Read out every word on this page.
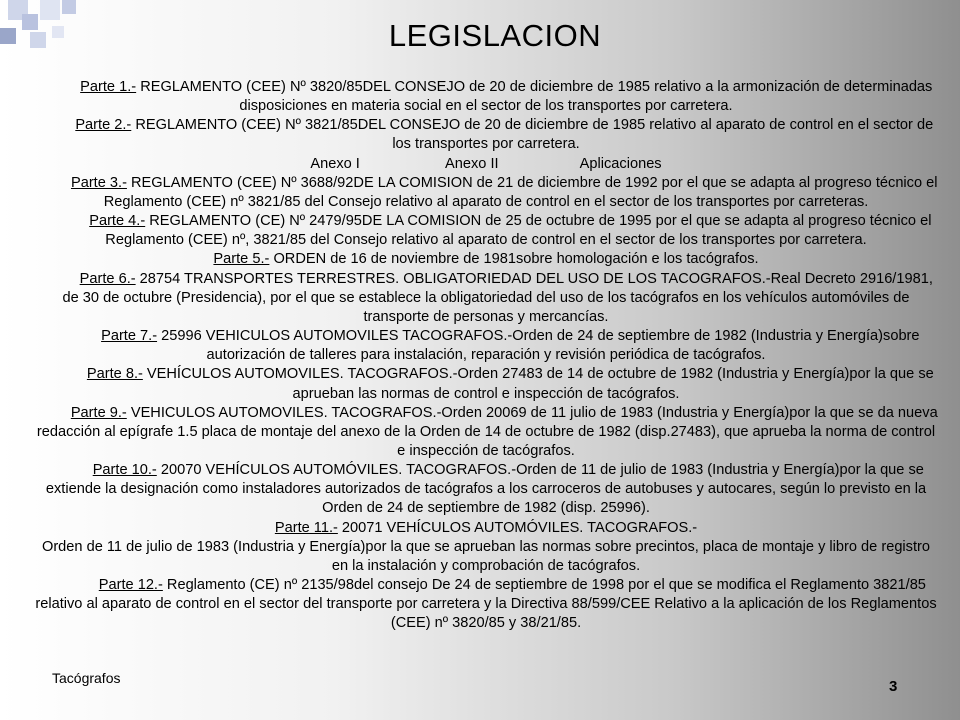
LEGISLACION

Parte 1.- REGLAMENTO (CEE) Nº 3820/85DEL CONSEJO de 20 de diciembre de 1985 relativo a la armonización de determinadas disposiciones en materia social en el sector de los transportes por carretera.

Parte 2.- REGLAMENTO (CEE) Nº 3821/85DEL CONSEJO de 20 de diciembre de 1985 relativo al aparato de control en el sector de los transportes por carretera.

Anexo I	Anexo II	Aplicaciones

Parte 3.- REGLAMENTO (CEE) Nº 3688/92DE LA COMISION de 21 de diciembre de 1992 por el que se adapta al progreso técnico el Reglamento (CEE) nº 3821/85 del Consejo relativo al aparato de control en el sector de los transportes por carreteras.

Parte 4.- REGLAMENTO (CE) Nº 2479/95DE LA COMISION de 25 de octubre de 1995 por el que se adapta al progreso técnico el Reglamento (CEE) nº, 3821/85 del Consejo relativo al aparato de control en el sector de los transportes por carretera.

Parte 5.- ORDEN de 16 de noviembre de 1981sobre homologación e los tacógrafos.

Parte 6.- 28754 TRANSPORTES TERRESTRES. OBLIGATORIEDAD DEL USO DE LOS TACOGRAFOS.-Real Decreto 2916/1981, de 30 de octubre (Presidencia), por el que se establece la obligatoriedad del uso de los tacógrafos en los vehículos automóviles de transporte de personas y mercancías.

Parte 7.- 25996 VEHICULOS AUTOMOVILES TACOGRAFOS.-Orden de 24 de septiembre de 1982 (Industria y Energía)sobre autorización de talleres para instalación, reparación y revisión periódica de tacógrafos.

Parte 8.- VEHÍCULOS AUTOMOVILES. TACOGRAFOS.-Orden 27483 de 14 de octubre de 1982 (Industria y Energía)por la que se aprueban las normas de control e inspección de tacógrafos.

Parte 9.- VEHICULOS AUTOMOVILES. TACOGRAFOS.-Orden 20069 de 11 julio de 1983 (Industria y Energía)por la que se da nueva redacción al epígrafe 1.5 placa de montaje del anexo de la Orden de 14 de octubre de 1982 (disp.27483), que aprueba la norma de control e inspección de tacógrafos.

Parte 10.- 20070 VEHÍCULOS AUTOMÓVILES. TACOGRAFOS.-Orden de 11 de julio de 1983 (Industria y Energía)por la que se extiende la designación como instaladores autorizados de tacógrafos a los carroceros de autobuses y autocares, según lo previsto en la Orden de 24 de septiembre de 1982 (disp. 25996).

Parte 11.- 20071 VEHÍCULOS AUTOMÓVILES. TACOGRAFOS.-
Orden de 11 de julio de 1983 (Industria y Energía)por la que se aprueban las normas sobre precintos, placa de montaje y libro de registro en la instalación y comprobación de tacógrafos.

Parte 12.- Reglamento (CE) nº 2135/98del consejo De 24 de septiembre de 1998 por el que se modifica el Reglamento 3821/85 relativo al aparato de control en el sector del transporte por carretera y la Directiva 88/599/CEE Relativo a la aplicación de los Reglamentos (CEE) nº 3820/85 y 38/21/85.

Tacógrafos	3
